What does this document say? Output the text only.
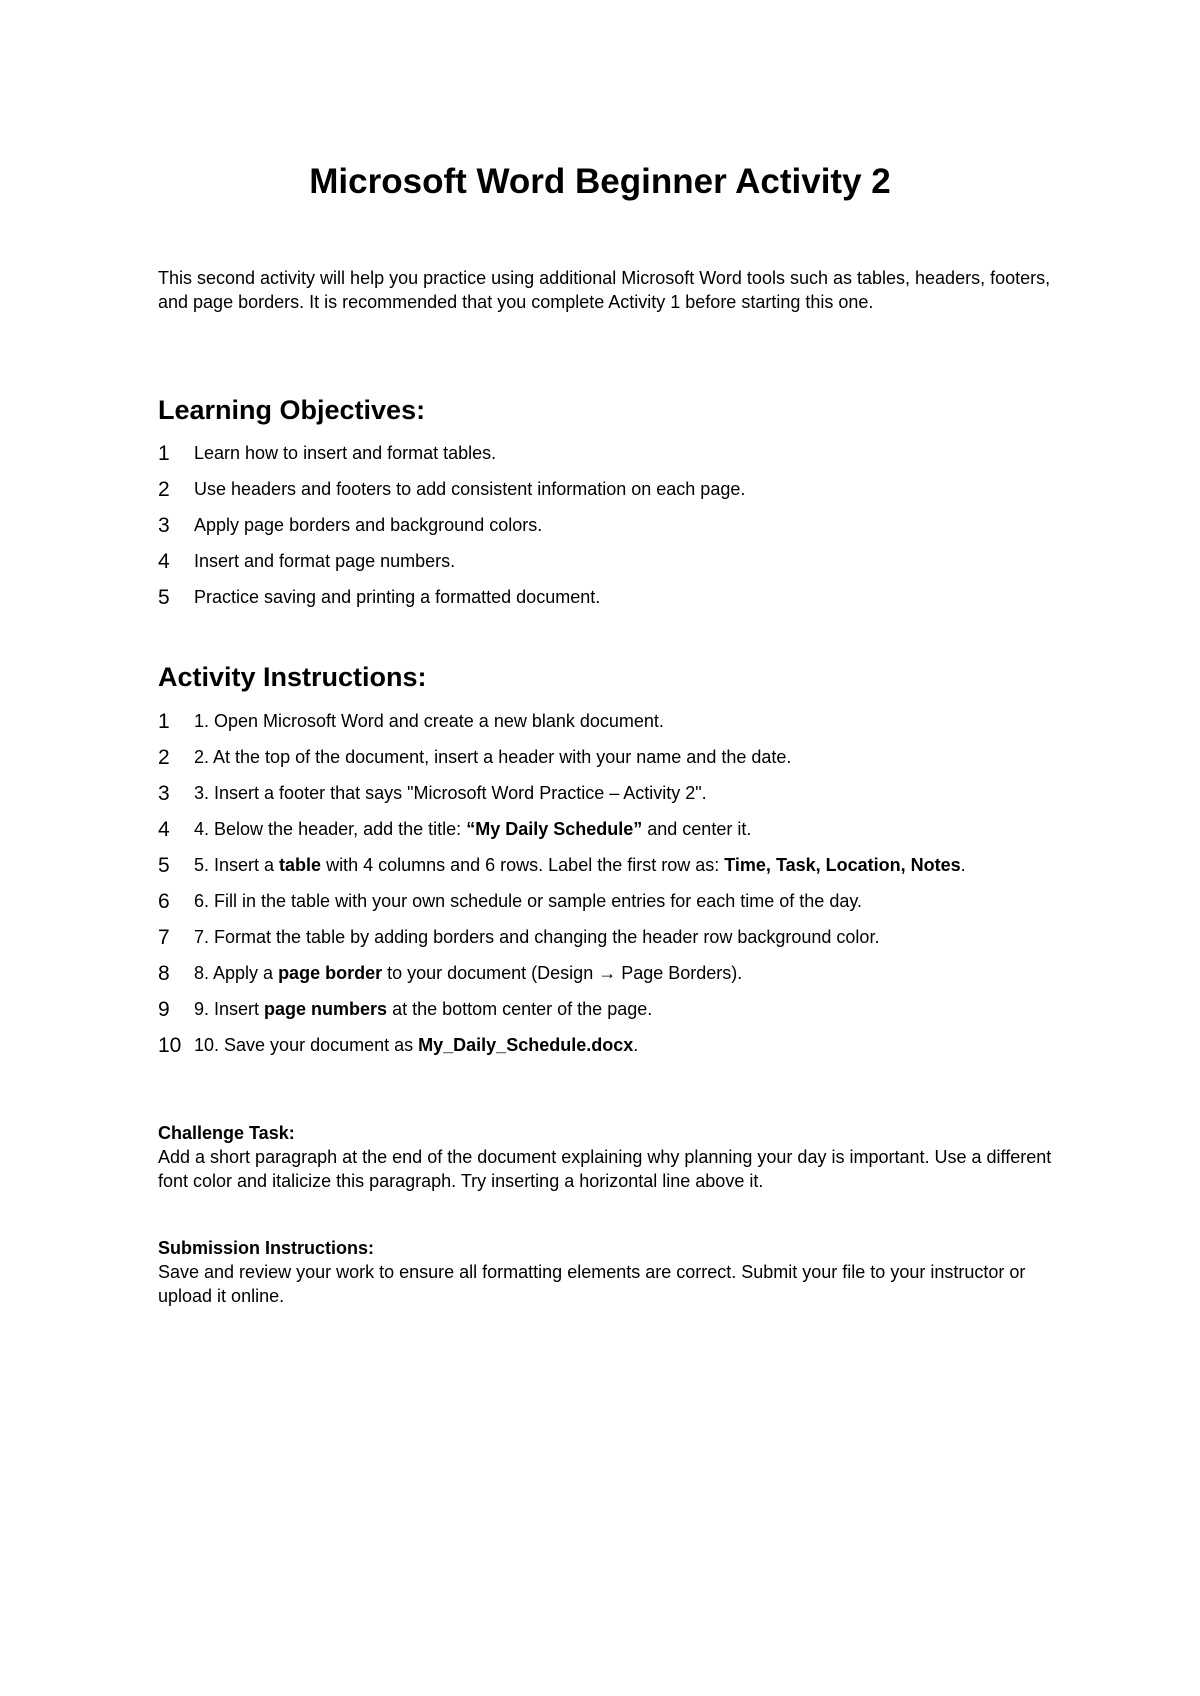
Microsoft Word Beginner Activity 2

This second activity will help you practice using additional Microsoft Word tools such as tables, headers, footers, and page borders. It is recommended that you complete Activity 1 before starting this one.

Learning Objectives:
1 Learn how to insert and format tables.
2 Use headers and footers to add consistent information on each page.
3 Apply page borders and background colors.
4 Insert and format page numbers.
5 Practice saving and printing a formatted document.
Activity Instructions:
1 1. Open Microsoft Word and create a new blank document.
2 2. At the top of the document, insert a header with your name and the date.
3 3. Insert a footer that says "Microsoft Word Practice – Activity 2".
4 4. Below the header, add the title: “My Daily Schedule” and center it.
5 5. Insert a table with 4 columns and 6 rows. Label the first row as: Time, Task, Location, Notes.
6 6. Fill in the table with your own schedule or sample entries for each time of the day.
7 7. Format the table by adding borders and changing the header row background color.
8 8. Apply a page border to your document (Design → Page Borders).
9 9. Insert page numbers at the bottom center of the page.
10 10. Save your document as My_Daily_Schedule.docx.
Challenge Task:
Add a short paragraph at the end of the document explaining why planning your day is important. Use a different font color and italicize this paragraph. Try inserting a horizontal line above it.
Submission Instructions:
Save and review your work to ensure all formatting elements are correct. Submit your file to your instructor or upload it online.
